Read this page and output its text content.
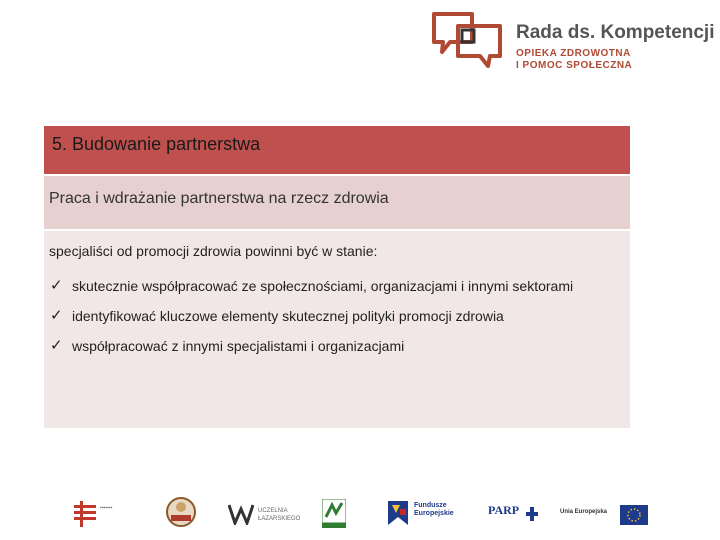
Rada ds. Kompetencji
OPIEKA ZDROWOTNA
I POMOC SPOŁECZNA
5. Budowanie partnerstwa
Praca i wdrażanie partnerstwa na rzecz zdrowia
specjaliści od promocji zdrowia powinni być w stanie:
✓ skutecznie współpracować ze społecznościami, organizacjami i innymi sektorami
✓ identyfikować kluczowe elementy skutecznej polityki promocji zdrowia
✓ współpracować z innymi specjalistami i organizacjami
▪▪▪▪▪▪▪	UCZELNIA
ŁAZARSKIEGO
Fundusze
Europejskie	PARP	Unia Europejska
